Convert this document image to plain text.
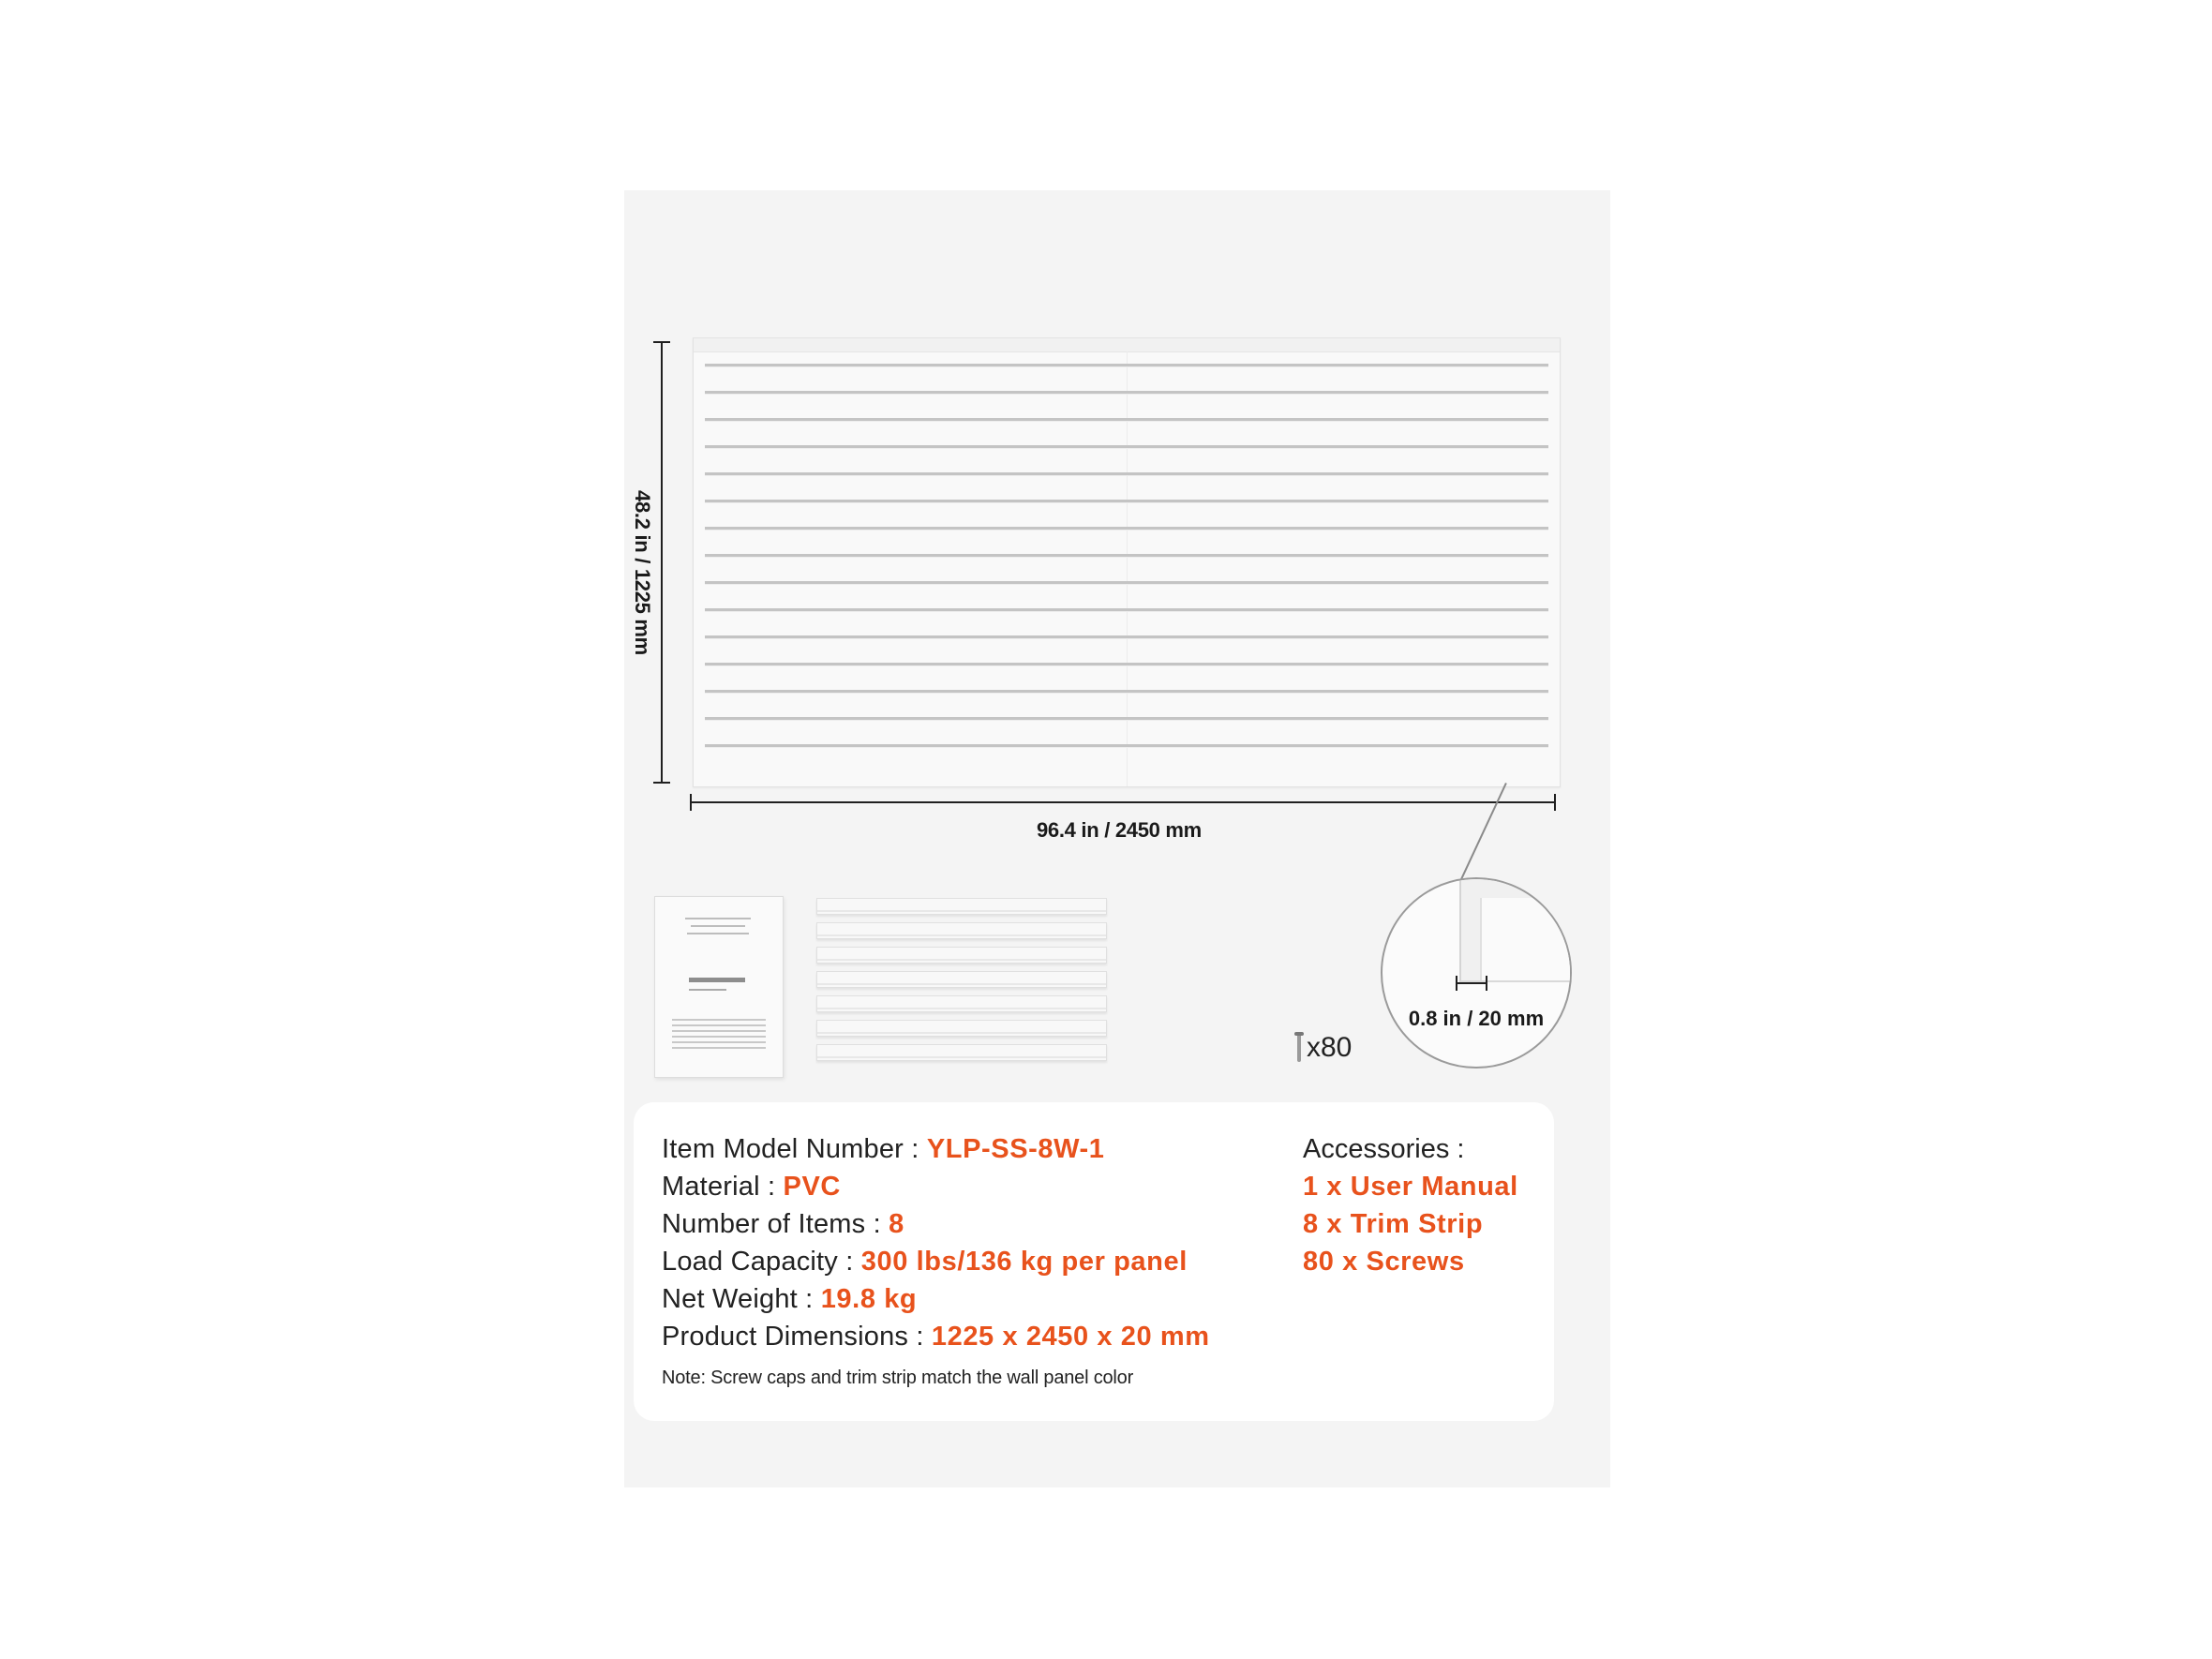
48.2 in / 1225 mm
96.4 in / 2450 mm
x80
0.8 in / 20 mm
Item Model Number : YLP-SS-8W-1
Material : PVC
Number of Items : 8
Load Capacity : 300 lbs/136 kg per panel
Net Weight : 19.8 kg
Product Dimensions : 1225 x 2450 x 20 mm
Accessories :
1 x User Manual
8 x Trim Strip
80 x Screws
Note: Screw caps and trim strip match the wall panel color
